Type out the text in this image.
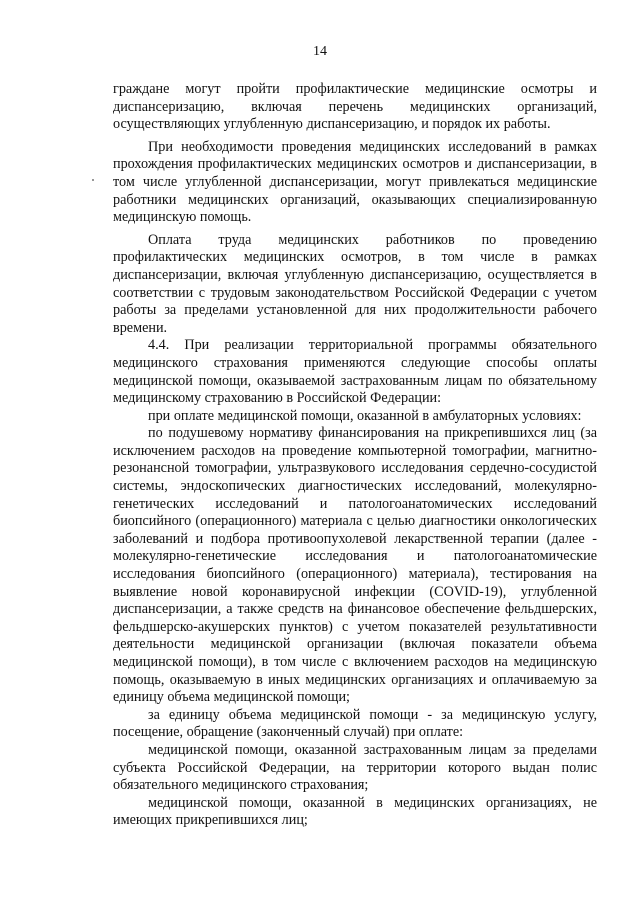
14

граждане могут пройти профилактические медицинские осмотры и диспансеризацию, включая перечень медицинских организаций, осуществляющих углубленную диспансеризацию, и порядок их работы.

При необходимости проведения медицинских исследований в рамках прохождения профилактических медицинских осмотров и диспансеризации, в том числе углубленной диспансеризации, могут привлекаться медицинские работники медицинских организаций, оказывающих специализированную медицинскую помощь.

Оплата труда медицинских работников по проведению профилактических медицинских осмотров, в том числе в рамках диспансеризации, включая углубленную диспансеризацию, осуществляется в соответствии с трудовым законодательством Российской Федерации с учетом работы за пределами установленной для них продолжительности рабочего времени.

4.4. При реализации территориальной программы обязательного медицинского страхования применяются следующие способы оплаты медицинской помощи, оказываемой застрахованным лицам по обязательному медицинскому страхованию в Российской Федерации:

при оплате медицинской помощи, оказанной в амбулаторных условиях:

по подушевому нормативу финансирования на прикрепившихся лиц (за исключением расходов на проведение компьютерной томографии, магнитно-резонансной томографии, ультразвукового исследования сердечно-сосудистой системы, эндоскопических диагностических исследований, молекулярно-генетических исследований и патологоанатомических исследований биопсийного (операционного) материала с целью диагностики онкологических заболеваний и подбора противоопухолевой лекарственной терапии (далее - молекулярно-генетические исследования и патологоанатомические исследования биопсийного (операционного) материала), тестирования на выявление новой коронавирусной инфекции (COVID-19), углубленной диспансеризации, а также средств на финансовое обеспечение фельдшерских, фельдшерско-акушерских пунктов) с учетом показателей результативности деятельности медицинской организации (включая показатели объема медицинской помощи), в том числе с включением расходов на медицинскую помощь, оказываемую в иных медицинских организациях и оплачиваемую за единицу объема медицинской помощи;

за единицу объема медицинской помощи - за медицинскую услугу, посещение, обращение (законченный случай) при оплате:

медицинской помощи, оказанной застрахованным лицам за пределами субъекта Российской Федерации, на территории которого выдан полис обязательного медицинского страхования;

медицинской помощи, оказанной в медицинских организациях, не имеющих прикрепившихся лиц;
